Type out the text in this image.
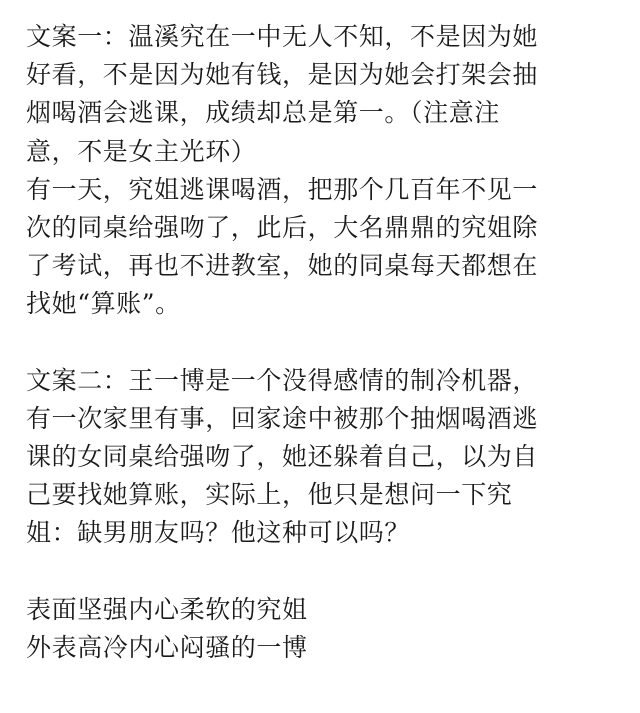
文案一：温溪究在一中无人不知，不是因为她
好看，不是因为她有钱，是因为她会打架会抽
烟喝酒会逃课，成绩却总是第一。（注意注
意，不是女主光环）
有一天，究姐逃课喝酒，把那个几百年不见一
次的同桌给强吻了，此后，大名鼎鼎的究姐除
了考试，再也不进教室，她的同桌每天都想在
找她“算账”。
文案二：王一博是一个没得感情的制冷机器，
有一次家里有事，回家途中被那个抽烟喝酒逃
课的女同桌给强吻了，她还躲着自己，以为自
己要找她算账，实际上，他只是想问一下究
姐：缺男朋友吗？他这种可以吗？
表面坚强内心柔软的究姐
外表高冷内心闷骚的一博
